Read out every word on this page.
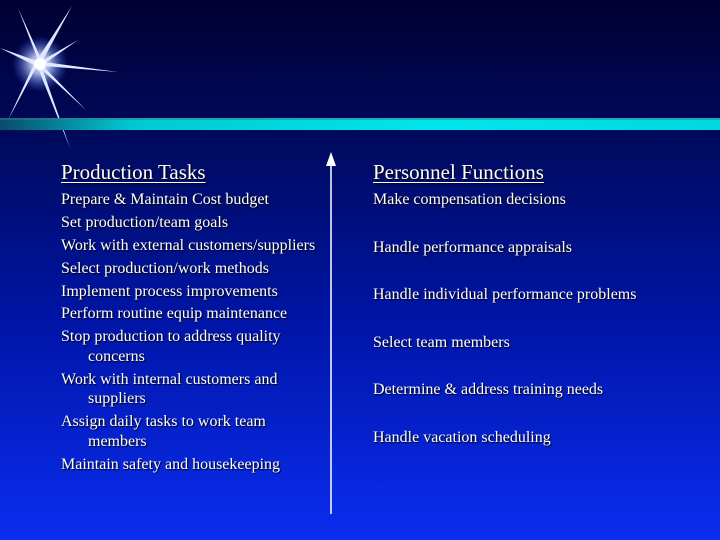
Production Tasks
Prepare & Maintain Cost budget
Set production/team goals
Work with external customers/suppliers
Select production/work methods
Implement process improvements
Perform routine equip maintenance
Stop production to address quality concerns
Work with internal customers and suppliers
Assign daily tasks to work team members
Maintain safety and housekeeping
Personnel Functions
Make compensation decisions
Handle performance appraisals
Handle individual performance problems
Select team members
Determine & address training needs
Handle vacation scheduling
